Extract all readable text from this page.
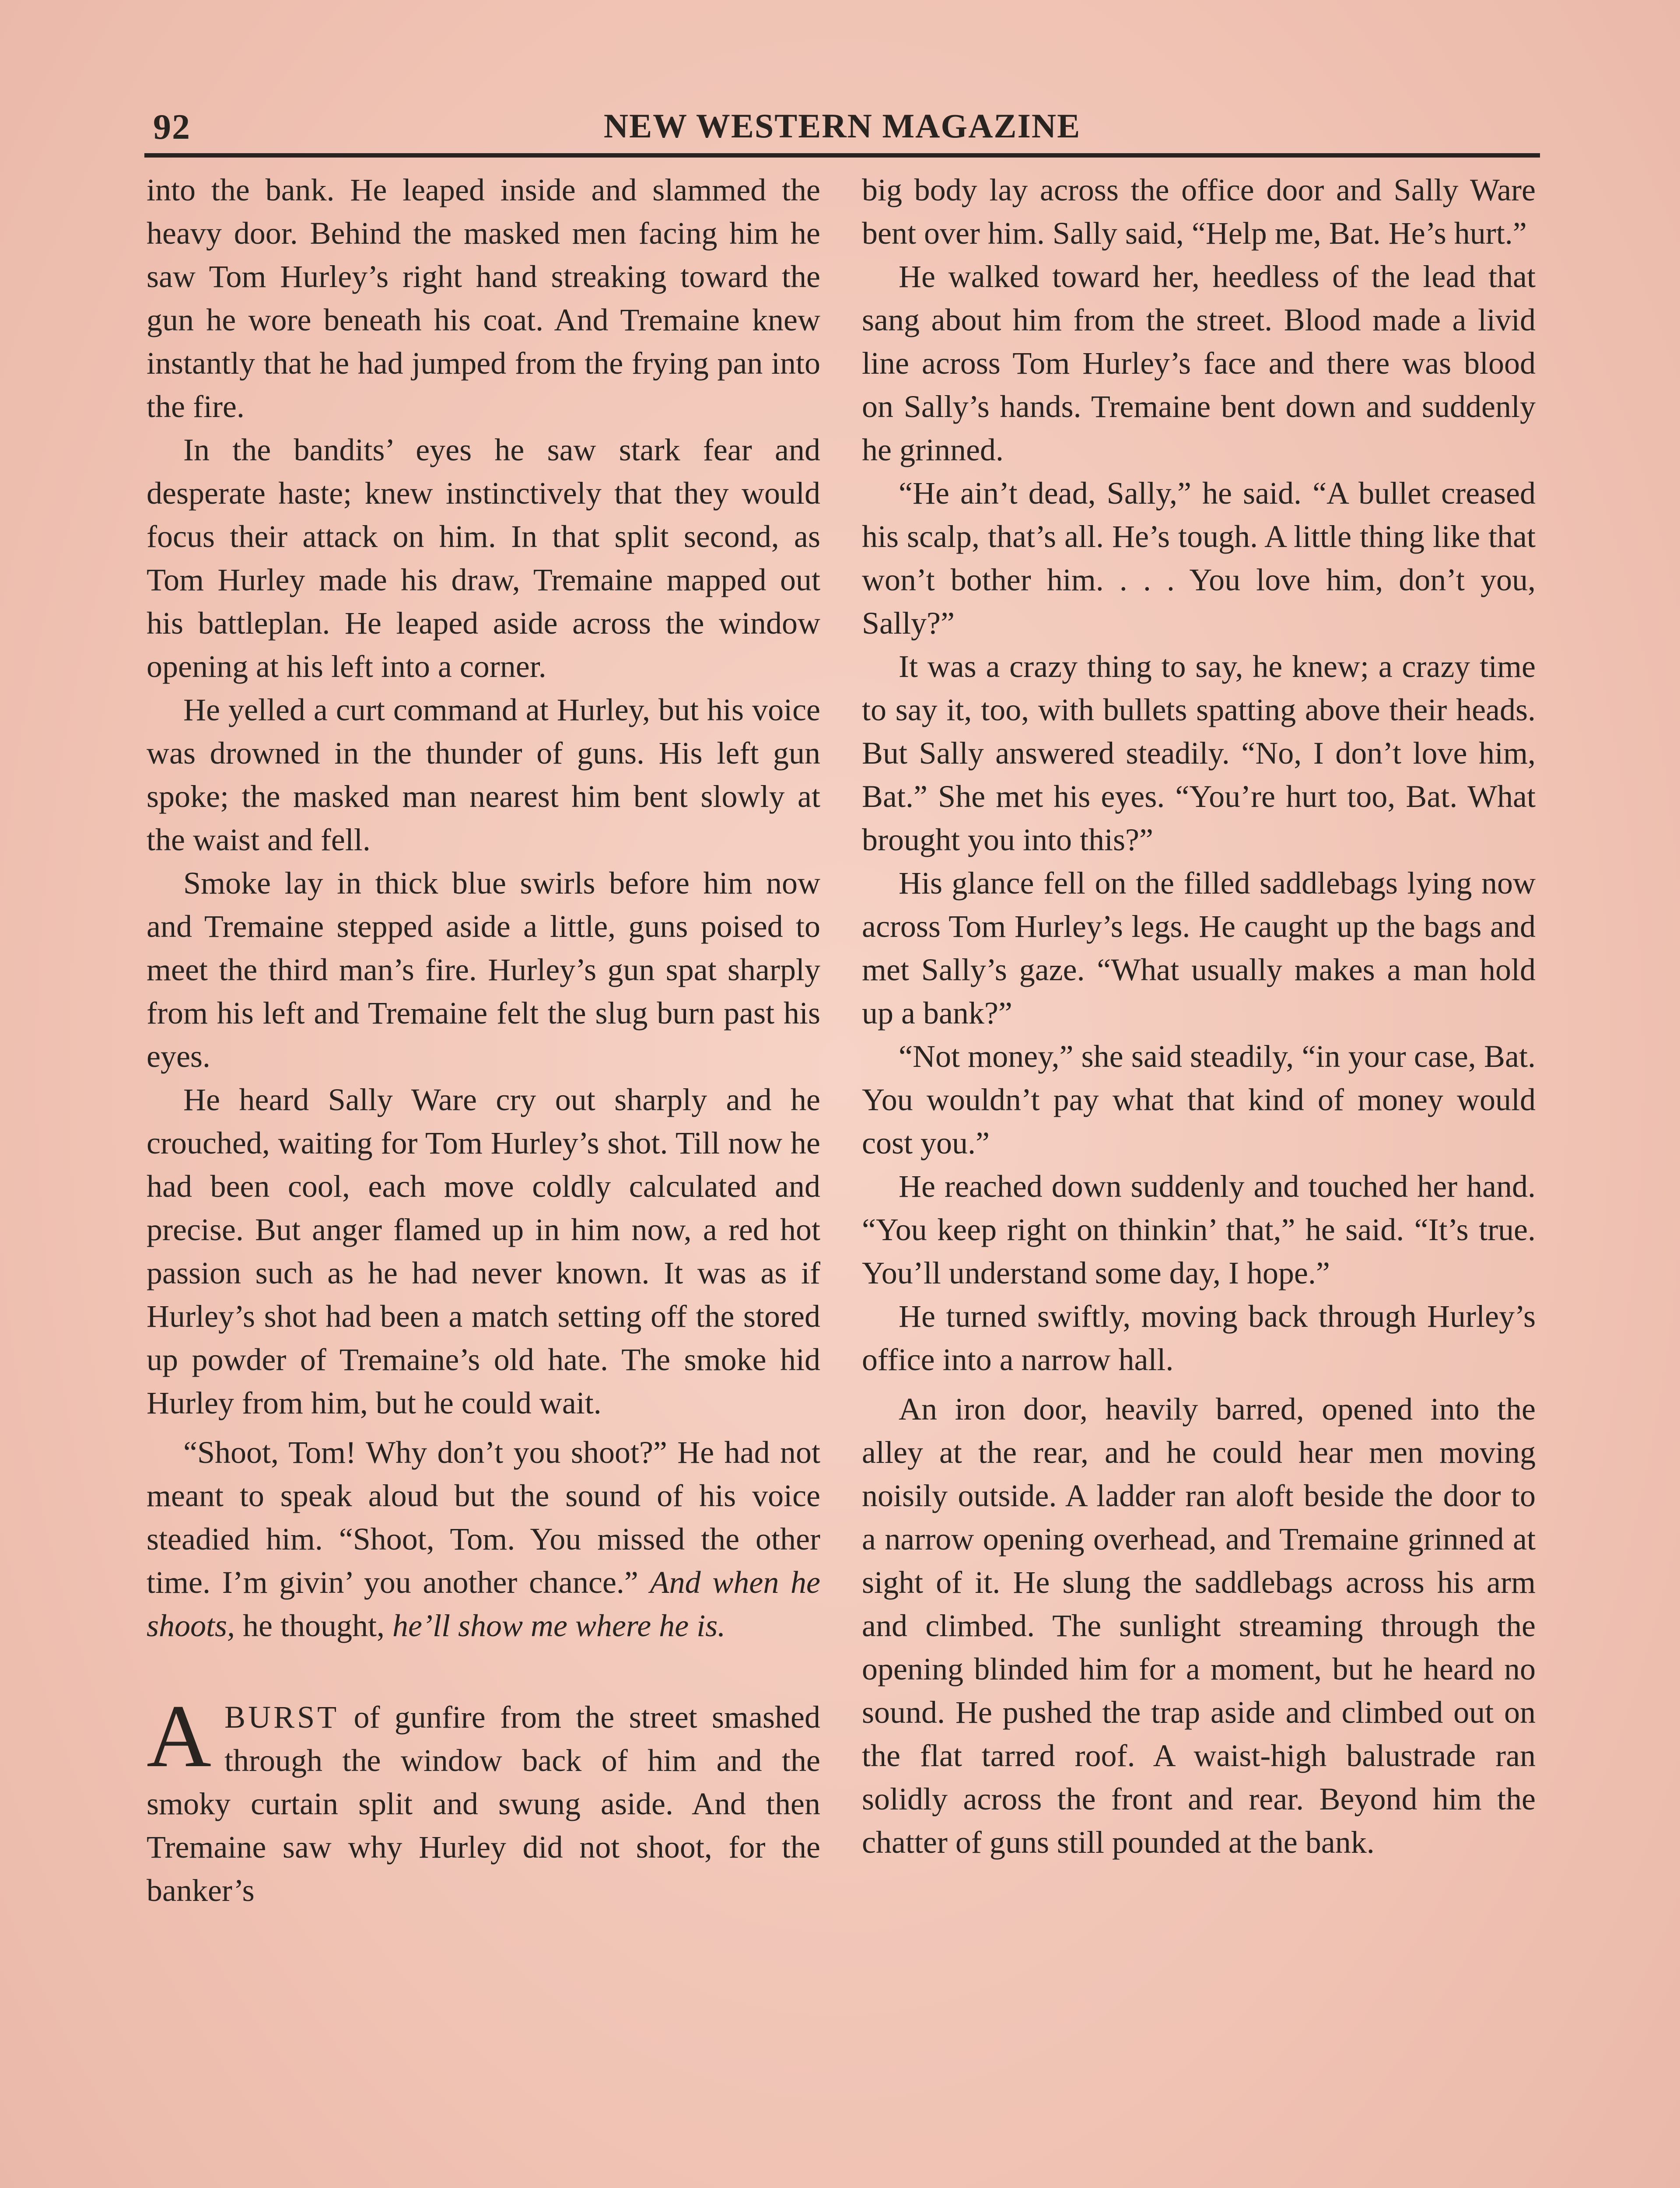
92	NEW WESTERN MAGAZINE

into the bank. He leaped inside and slammed the heavy door. Behind the masked men facing him he saw Tom Hurley’s right hand streaking toward the gun he wore beneath his coat. And Tremaine knew instantly that he had jumped from the frying pan into the fire.

In the bandits’ eyes he saw stark fear and desperate haste; knew instinctively that they would focus their attack on him. In that split second, as Tom Hurley made his draw, Tremaine mapped out his battleplan. He leaped aside across the window opening at his left into a corner.

He yelled a curt command at Hurley, but his voice was drowned in the thunder of guns. His left gun spoke; the masked man nearest him bent slowly at the waist and fell.

Smoke lay in thick blue swirls before him now and Tremaine stepped aside a little, guns poised to meet the third man’s fire. Hurley’s gun spat sharply from his left and Tremaine felt the slug burn past his eyes.

He heard Sally Ware cry out sharply and he crouched, waiting for Tom Hurley’s shot. Till now he had been cool, each move coldly calculated and precise. But anger flamed up in him now, a red hot passion such as he had never known. It was as if Hurley’s shot had been a match setting off the stored up powder of Tremaine’s old hate. The smoke hid Hurley from him, but he could wait.

“Shoot, Tom! Why don’t you shoot?” He had not meant to speak aloud but the sound of his voice steadied him. “Shoot, Tom. You missed the other time. I’m givin’ you another chance.” And when he shoots, he thought, he’ll show me where he is.

ABURST of gunfire from the street smashed through the window back of him and the smoky curtain split and swung aside. And then Tremaine saw why Hurley did not shoot, for the banker’s

big body lay across the office door and Sally Ware bent over him. Sally said, “Help me, Bat. He’s hurt.”

He walked toward her, heedless of the lead that sang about him from the street. Blood made a livid line across Tom Hurley’s face and there was blood on Sally’s hands. Tremaine bent down and suddenly he grinned.

“He ain’t dead, Sally,” he said. “A bullet creased his scalp, that’s all. He’s tough. A little thing like that won’t bother him. . . . You love him, don’t you, Sally?”

It was a crazy thing to say, he knew; a crazy time to say it, too, with bullets spatting above their heads. But Sally answered steadily. “No, I don’t love him, Bat.” She met his eyes. “You’re hurt too, Bat. What brought you into this?”

His glance fell on the filled saddlebags lying now across Tom Hurley’s legs. He caught up the bags and met Sally’s gaze. “What usually makes a man hold up a bank?”

“Not money,” she said steadily, “in your case, Bat. You wouldn’t pay what that kind of money would cost you.”

He reached down suddenly and touched her hand. “You keep right on thinkin’ that,” he said. “It’s true. You’ll understand some day, I hope.”

He turned swiftly, moving back through Hurley’s office into a narrow hall.

An iron door, heavily barred, opened into the alley at the rear, and he could hear men moving noisily outside. A ladder ran aloft beside the door to a narrow opening overhead, and Tremaine grinned at sight of it. He slung the saddlebags across his arm and climbed. The sunlight streaming through the opening blinded him for a moment, but he heard no sound. He pushed the trap aside and climbed out on the flat tarred roof. A waist-high balustrade ran solidly across the front and rear. Beyond him the chatter of guns still pounded at the bank.
